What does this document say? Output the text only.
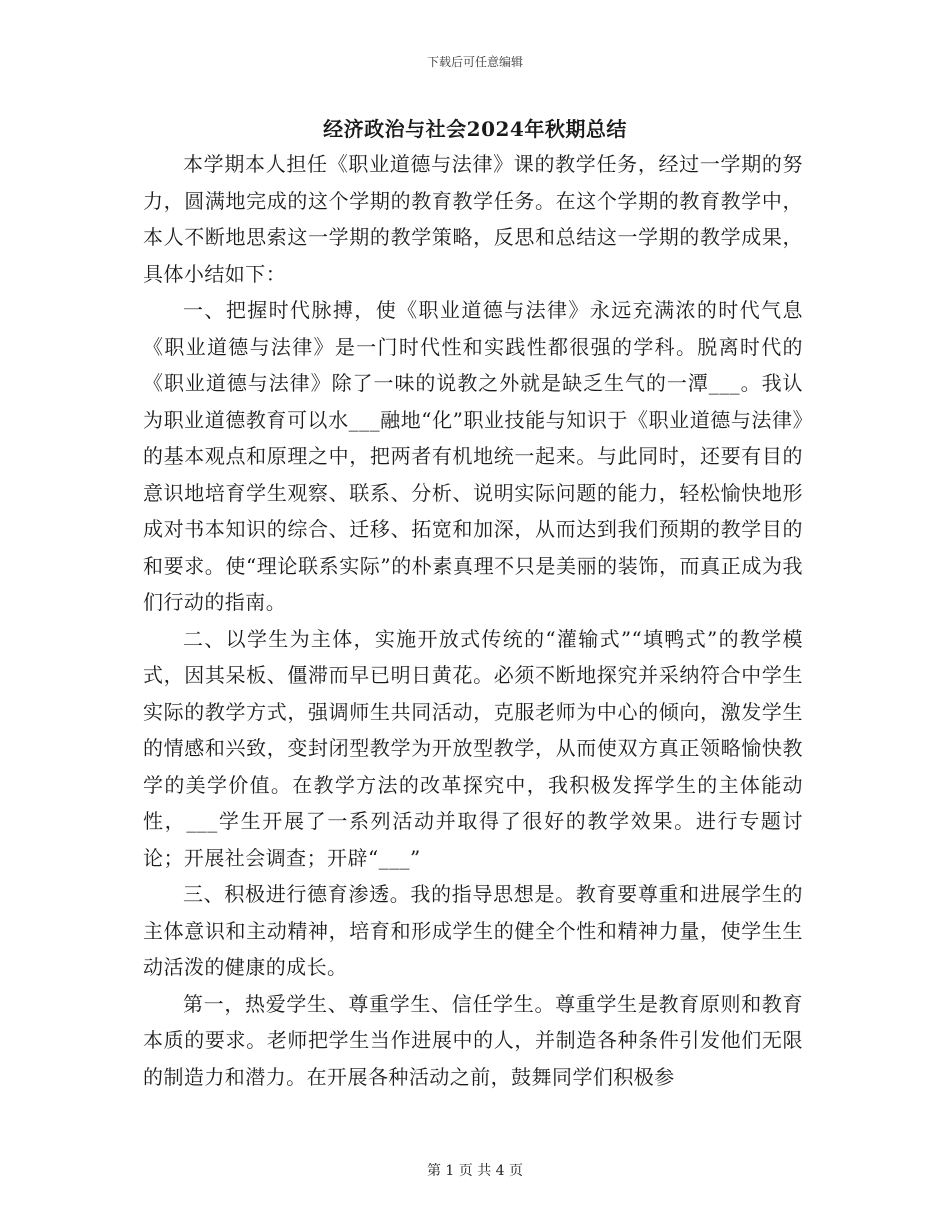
下载后可任意编辑
经济政治与社会2024年秋期总结

本学期本人担任《职业道德与法律》课的教学任务，经过一学期的努力，圆满地完成的这个学期的教育教学任务。在这个学期的教育教学中，本人不断地思索这一学期的教学策略，反思和总结这一学期的教学成果，具体小结如下：

一、把握时代脉搏，使《职业道德与法律》永远充满浓的时代气息《职业道德与法律》是一门时代性和实践性都很强的学科。脱离时代的《职业道德与法律》除了一味的说教之外就是缺乏生气的一潭___。我认为职业道德教育可以水___融地“化”职业技能与知识于《职业道德与法律》的基本观点和原理之中，把两者有机地统一起来。与此同时，还要有目的意识地培育学生观察、联系、分析、说明实际问题的能力，轻松愉快地形成对书本知识的综合、迁移、拓宽和加深，从而达到我们预期的教学目的和要求。使“理论联系实际”的朴素真理不只是美丽的装饰，而真正成为我们行动的指南。

二、以学生为主体，实施开放式传统的“灌输式”“填鸭式”的教学模式，因其呆板、僵滞而早已明日黄花。必须不断地探究并采纳符合中学生实际的教学方式，强调师生共同活动，克服老师为中心的倾向，激发学生的情感和兴致，变封闭型教学为开放型教学，从而使双方真正领略愉快教学的美学价值。在教学方法的改革探究中，我积极发挥学生的主体能动性，___学生开展了一系列活动并取得了很好的教学效果。进行专题讨论；开展社会调查；开辟“___”

三、积极进行德育渗透。我的指导思想是。教育要尊重和进展学生的主体意识和主动精神，培育和形成学生的健全个性和精神力量，使学生生动活泼的健康的成长。

第一，热爱学生、尊重学生、信任学生。尊重学生是教育原则和教育本质的要求。老师把学生当作进展中的人，并制造各种条件引发他们无限的制造力和潜力。在开展各种活动之前，鼓舞同学们积极参

第 1 页 共 4 页
